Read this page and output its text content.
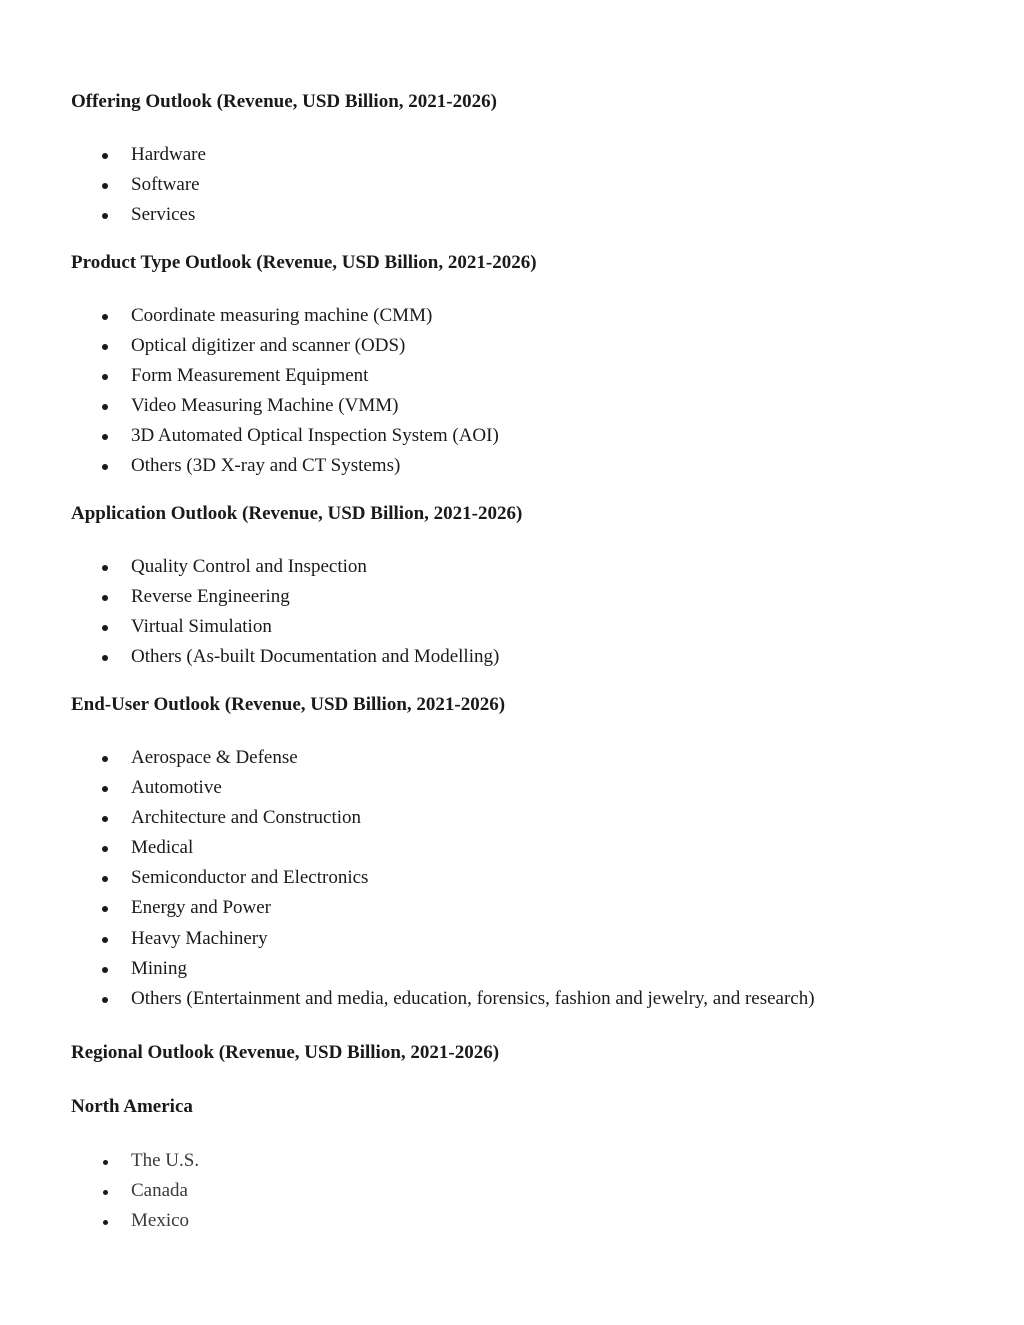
Offering Outlook (Revenue, USD Billion, 2021-2026)
Hardware
Software
Services
Product Type Outlook (Revenue, USD Billion, 2021-2026)
Coordinate measuring machine (CMM)
Optical digitizer and scanner (ODS)
Form Measurement Equipment
Video Measuring Machine (VMM)
3D Automated Optical Inspection System (AOI)
Others (3D X-ray and CT Systems)
Application Outlook (Revenue, USD Billion, 2021-2026)
Quality Control and Inspection
Reverse Engineering
Virtual Simulation
Others (As-built Documentation and Modelling)
End-User Outlook (Revenue, USD Billion, 2021-2026)
Aerospace & Defense
Automotive
Architecture and Construction
Medical
Semiconductor and Electronics
Energy and Power
Heavy Machinery
Mining
Others (Entertainment and media, education, forensics, fashion and jewelry, and research)
Regional Outlook (Revenue, USD Billion, 2021-2026)
North America
The U.S.
Canada
Mexico
